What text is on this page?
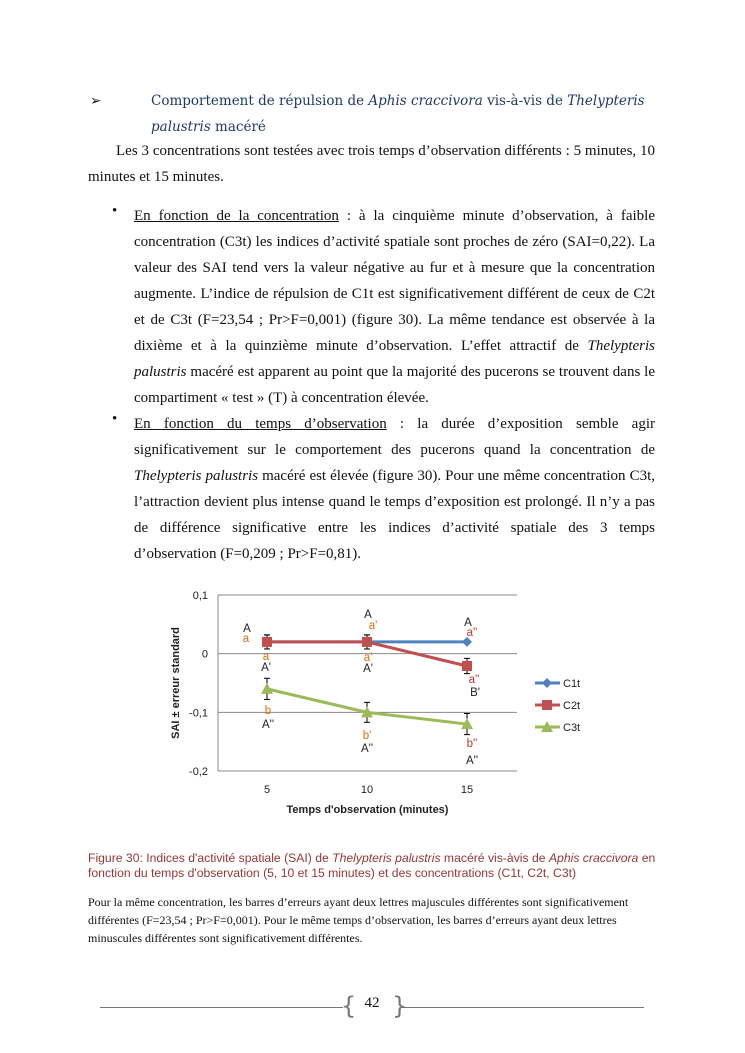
➢	Comportement de répulsion de Aphis craccivora vis-à-vis de Thelypteris palustris macéré
Les 3 concentrations sont testées avec trois temps d’observation différents : 5 minutes, 10 minutes et 15 minutes.
• En fonction de la concentration : à la cinquième minute d’observation, à faible concentration (C3t) les indices d’activité spatiale sont proches de zéro (SAI=0,22). La valeur des SAI tend vers la valeur négative au fur et à mesure que la concentration augmente. L’indice de répulsion de C1t est significativement différent de ceux de C2t et de C3t (F=23,54 ; Pr>F=0,001) (figure 30). La même tendance est observée à la dixième et à la quinzième minute d’observation. L’effet attractif de Thelypteris palustris macéré est apparent au point que la majorité des pucerons se trouvent dans le compartiment « test » (T) à concentration élevée.
• En fonction du temps d’observation : la durée d’exposition semble agir significativement sur le comportement des pucerons quand la concentration de Thelypteris palustris macéré est élevée (figure 30). Pour une même concentration C3t, l’attraction devient plus intense quand le temps d’exposition est prolongé. Il n’y a pas de différence significative entre les indices d’activité spatiale des 3 temps d’observation (F=0,209 ; Pr>F=0,81).
0,1
0
-0,1
-0,2
5	10	15
Temps d'observation (minutes)
SAI ± erreur standard	C1t
C2t
C3t
A
a
a
A'
A
a'
a'
A'
A
a''
a''
B'
b
A''
b'
A''	b''
A''
Figure 30: Indices d'activité spatiale (SAI) de Thelypteris palustris macéré vis-àvis de Aphis craccivora en fonction du temps d'observation (5, 10 et 15 minutes) et des concentrations (C1t, C2t, C3t)
Pour la même concentration, les barres d’erreurs ayant deux lettres majuscules différentes sont significativement différentes (F=23,54 ; Pr>F=0,001). Pour le même temps d’observation, les barres d’erreurs ayant deux lettres minuscules différentes sont significativement différentes.
{ }
42
